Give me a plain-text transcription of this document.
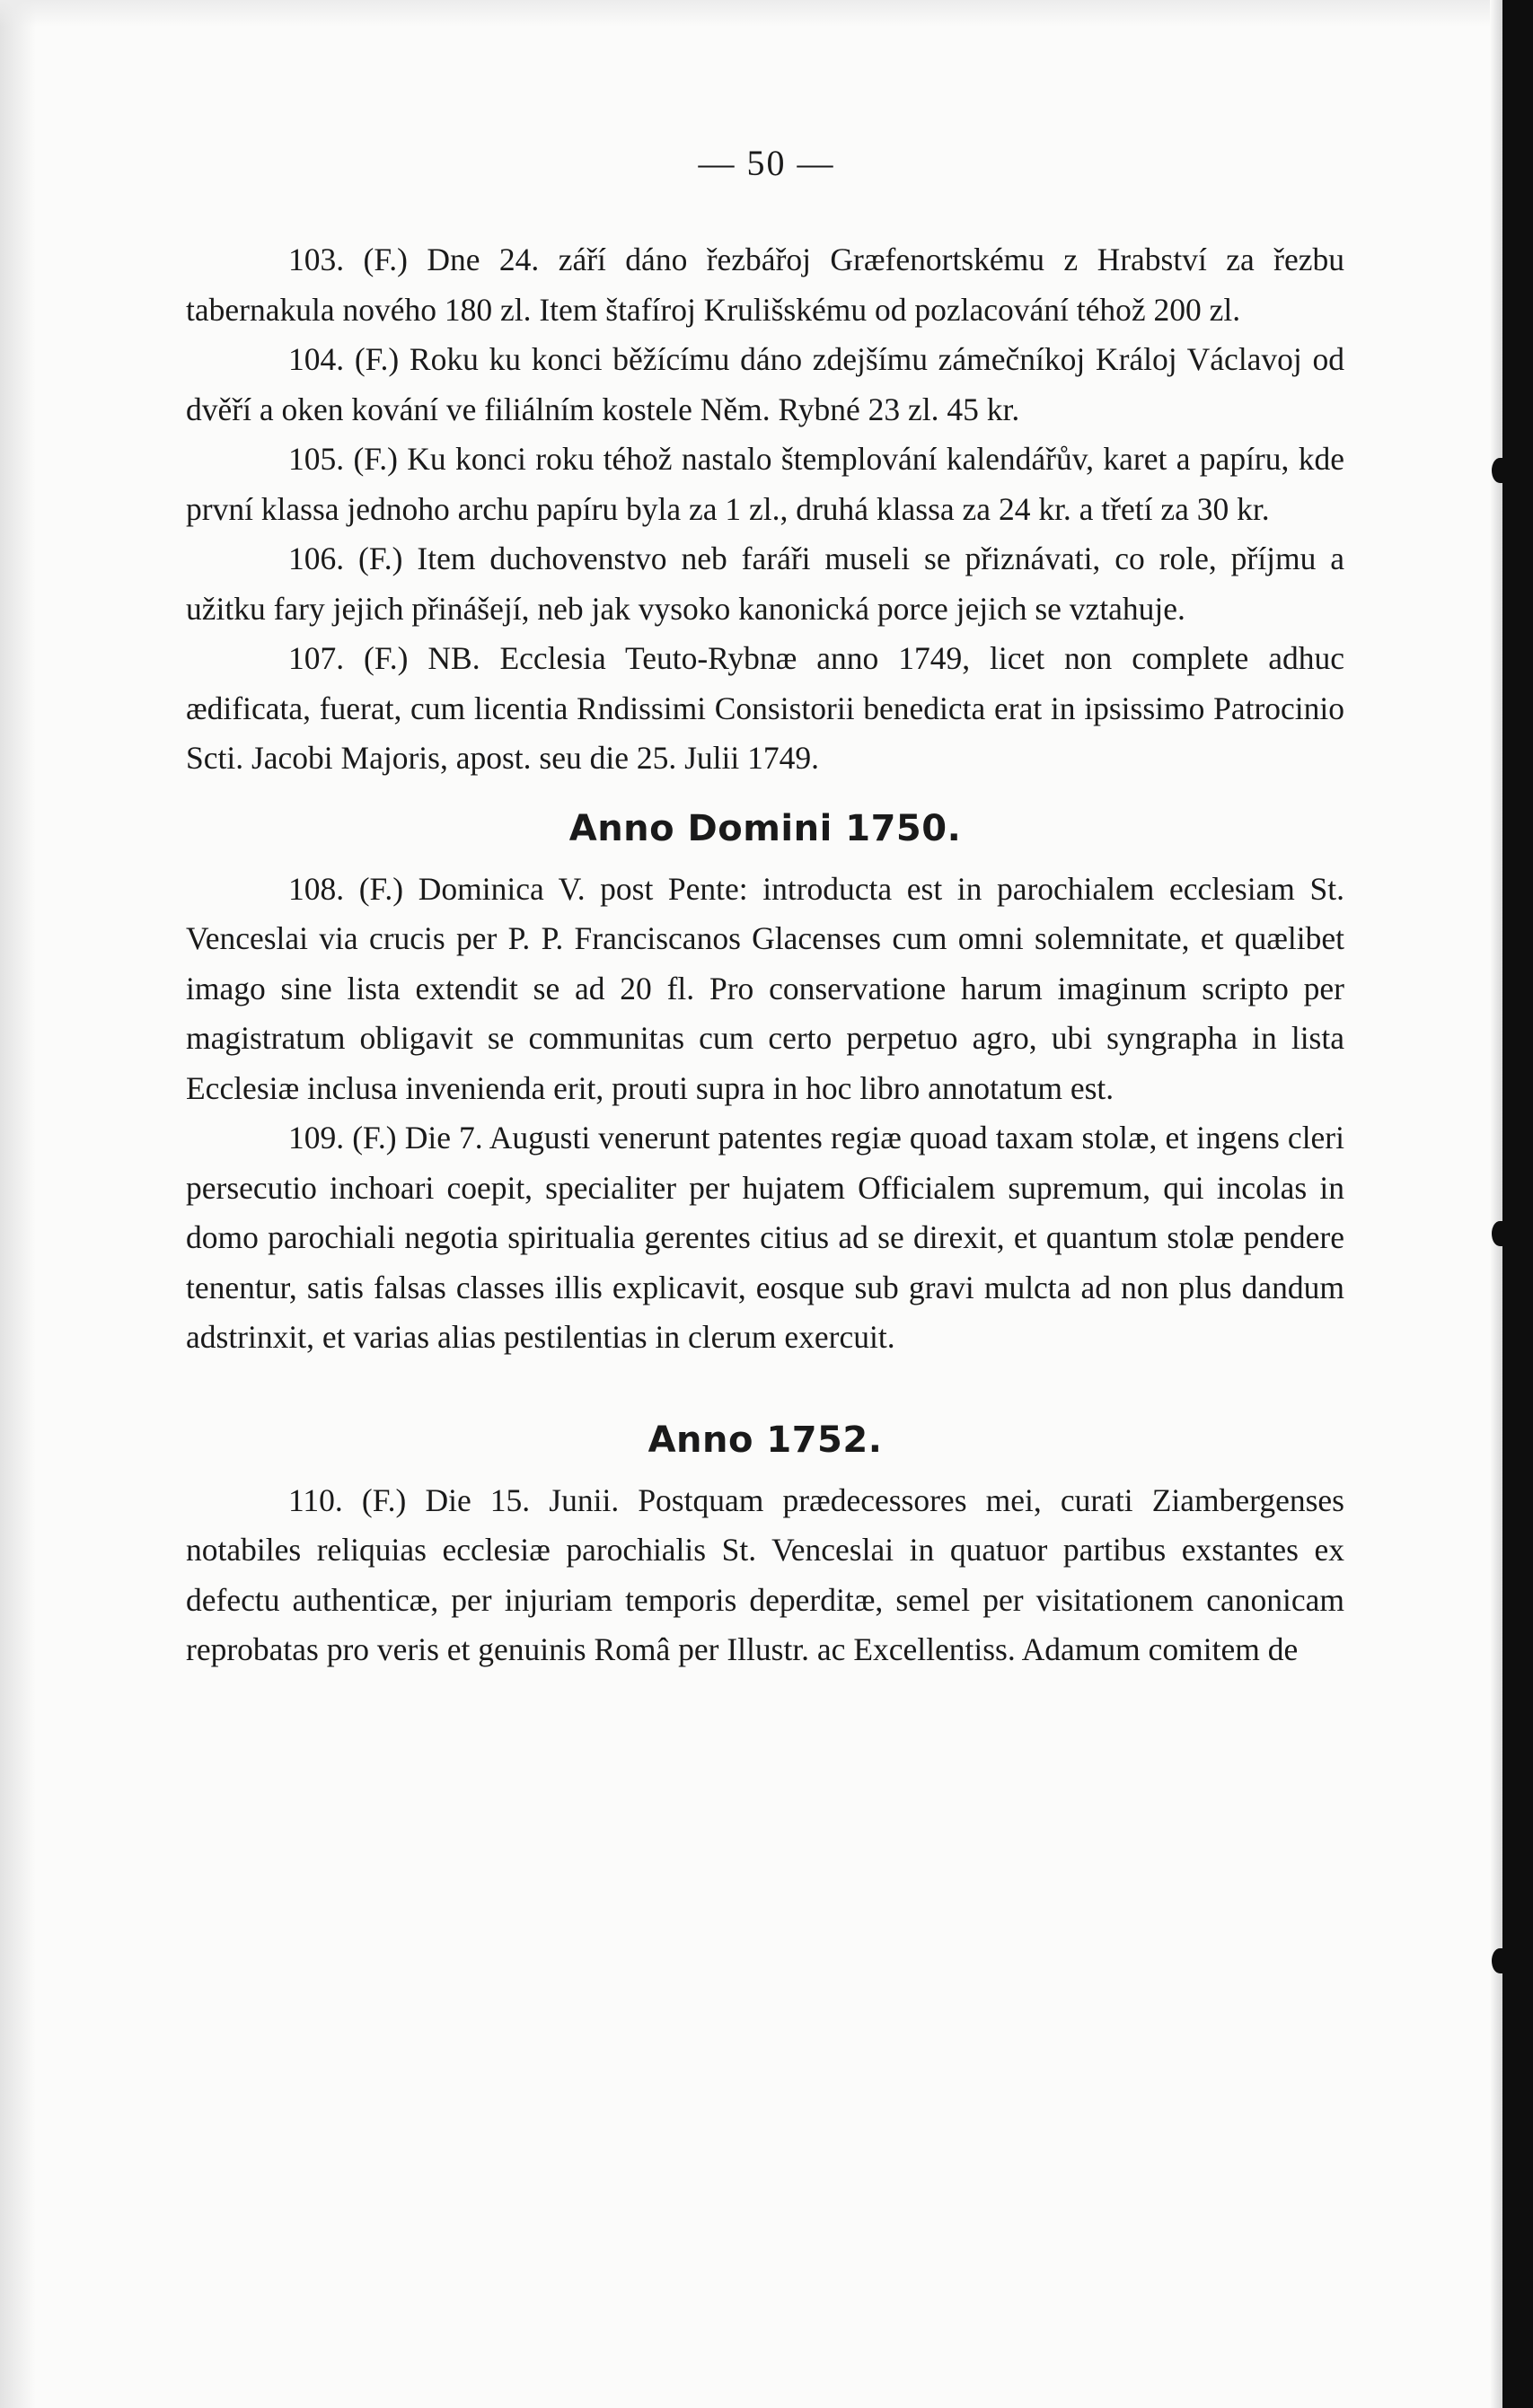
— 50 —

103. (F.) Dne 24. září dáno řezbářoj Græfenortskému z Hrabství za řezbu tabernakula nového 180 zl. Item štafíroj Krulišskému od pozlacování téhož 200 zl.

104. (F.) Roku ku konci běžícímu dáno zdejšímu zámečníkoj Králoj Václavoj od dvěří a oken kování ve filiálním kostele Něm. Rybné 23 zl. 45 kr.

105. (F.) Ku konci roku téhož nastalo štemplování kalendářův, karet a papíru, kde první klassa jednoho archu papíru byla za 1 zl., druhá klassa za 24 kr. a třetí za 30 kr.

106. (F.) Item duchovenstvo neb faráři museli se přiznávati, co role, příjmu a užitku fary jejich přinášejí, neb jak vysoko kanonická porce jejich se vztahuje.

107. (F.) NB. Ecclesia Teuto-Rybnæ anno 1749, licet non complete adhuc ædificata, fuerat, cum licentia Rndissimi Consistorii benedicta erat in ipsissimo Patrocinio Scti. Jacobi Majoris, apost. seu die 25. Julii 1749.

Anno Domini 1750.

108. (F.) Dominica V. post Pente: introducta est in parochialem ecclesiam St. Venceslai via crucis per P. P. Franciscanos Glacenses cum omni solemnitate, et quælibet imago sine lista extendit se ad 20 fl. Pro conservatione harum imaginum scripto per magistratum obligavit se communitas cum certo perpetuo agro, ubi syngrapha in lista Ecclesiæ inclusa invenienda erit, prouti supra in hoc libro annotatum est.

109. (F.) Die 7. Augusti venerunt patentes regiæ quoad taxam stolæ, et ingens cleri persecutio inchoari coepit, specialiter per hujatem Officialem supremum, qui incolas in domo parochiali negotia spiritualia gerentes citius ad se direxit, et quantum stolæ pendere tenentur, satis falsas classes illis explicavit, eosque sub gravi mulcta ad non plus dandum adstrinxit, et varias alias pestilentias in clerum exercuit.

Anno 1752.

110. (F.) Die 15. Junii. Postquam prædecessores mei, curati Ziambergenses notabiles reliquias ecclesiæ parochialis St. Venceslai in quatuor partibus exstantes ex defectu authenticæ, per injuriam temporis deperditæ, semel per visitationem canonicam reprobatas pro veris et genuinis Româ per Illustr. ac Excellentiss. Adamum comitem de
